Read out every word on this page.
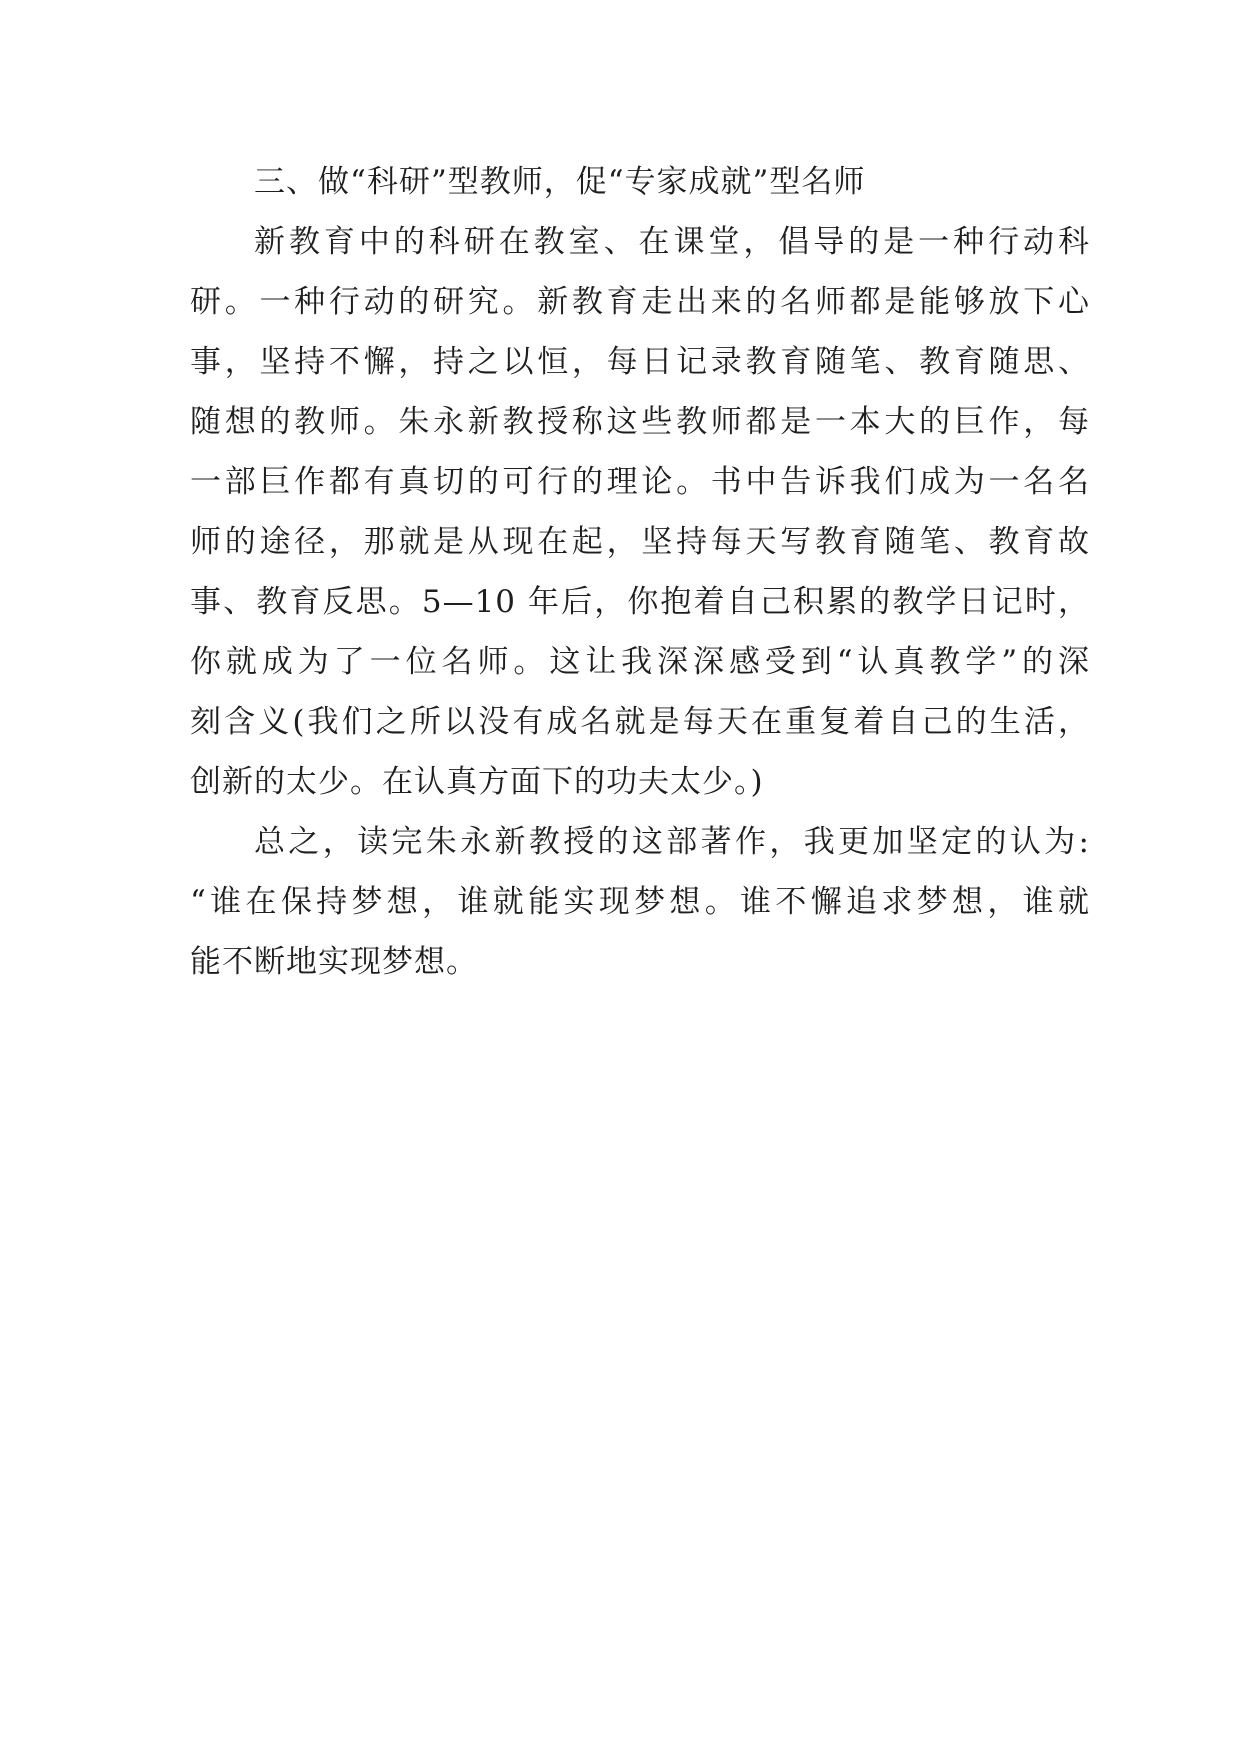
三、做“科研”型教师，促“专家成就”型名师
新教育中的科研在教室、在课堂，倡导的是一种行动科
研。一种行动的研究。新教育走出来的名师都是能够放下心
事，坚持不懈，持之以恒，每日记录教育随笔、教育随思、
随想的教师。朱永新教授称这些教师都是一本大的巨作，每
一部巨作都有真切的可行的理论。书中告诉我们成为一名名
师的途径，那就是从现在起，坚持每天写教育随笔、教育故
事、教育反思。5—10 年后，你抱着自己积累的教学日记时，
你就成为了一位名师。这让我深深感受到“认真教学”的深
刻含义(我们之所以没有成名就是每天在重复着自己的生活，
创新的太少。在认真方面下的功夫太少。)
总之，读完朱永新教授的这部著作，我更加坚定的认为:
“谁在保持梦想，谁就能实现梦想。谁不懈追求梦想，谁就
能不断地实现梦想。
